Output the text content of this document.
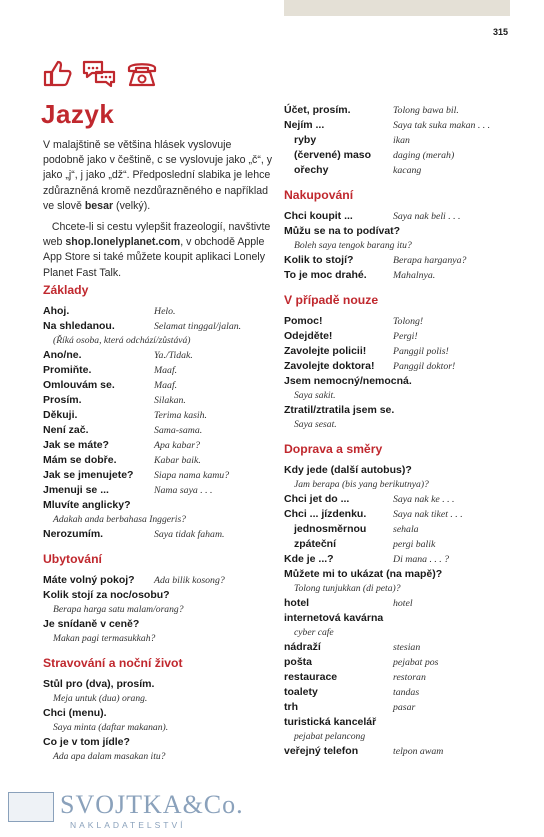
315
Jazyk

V malajštině se většina hlásek vyslovuje podobně jako v češtině, c se vyslovuje jako „č“, y jako „j“, j jako „dž“. Předposlední slabika je lehce zdůrazněná kromě nezdůrazněného e například ve slově besar (velký).

Chcete-li si cestu vylepšit frazeologií, navštivte web shop.lonelyplanet.com, v obchodě Apple App Store si také můžete koupit aplikaci Lonely Planet Fast Talk.

Základy
Ahoj.	Helo.
Na shledanou.	Selamat tinggal/jalan.
(Říká osoba, která odchází/zůstává)
Ano/ne.	Ya./Tidak.
Promiňte.	Maaf.
Omlouvám se.	Maaf.
Prosím.	Silakan.
Děkuji.	Terima kasih.
Není zač.	Sama-sama.
Jak se máte?	Apa kabar?
Mám se dobře.	Kabar baik.
Jak se jmenujete?	Siapa nama kamu?
Jmenuji se ...	Nama saya . . .
Mluvíte anglicky?
Adakah anda berbahasa Inggeris?
Nerozumím.	Saya tidak faham.
Ubytování
Máte volný pokoj?	Ada bilik kosong?
Kolik stojí za noc/osobu?
Berapa harga satu malam/orang?
Je snídaně v ceně?
Makan pagi termasukkah?
Stravování a noční život
Stůl pro (dva), prosím.
Meja untuk (dua) orang.
Chci (menu).
Saya minta (daftar makanan).
Co je v tom jídle?
Ada apa dalam masakan itu?
Účet, prosím.	Tolong bawa bil.
Nejím ...	Saya tak suka makan . . .
ryby	ikan
(červené) maso	daging (merah)
ořechy	kacang
Nakupování
Chci koupit ...	Saya nak beli . . .
Můžu se na to podívat?
Boleh saya tengok barang itu?
Kolik to stojí?	Berapa harganya?
To je moc drahé.	Mahalnya.
V případě nouze
Pomoc!	Tolong!
Odejděte!	Pergi!
Zavolejte policii!	Panggil polis!
Zavolejte doktora!	Panggil doktor!
Jsem nemocný/nemocná.
Saya sakit.
Ztratil/ztratila jsem se.
Saya sesat.
Doprava a směry
Kdy jede (další autobus)?
Jam berapa (bis yang berikutnya)?
Chci jet do ...	Saya nak ke . . .
Chci ... jízdenku.	Saya nak tiket . . .
jednosměrnou	sehala
zpáteční	pergi balik
Kde je ...?	Di mana . . . ?
Můžete mi to ukázat (na mapě)?
Tolong tunjukkan (di peta)?
hotel	hotel
internetová kavárna
cyber cafe
nádraží	stesian
pošta	pejabat pos
restaurace	restoran
toalety	tandas
trh	pasar
turistická kancelář
pejabat pelancong
veřejný telefon	telpon awam
SVOJTKA&Co.
NAKLADATELSTVÍ
